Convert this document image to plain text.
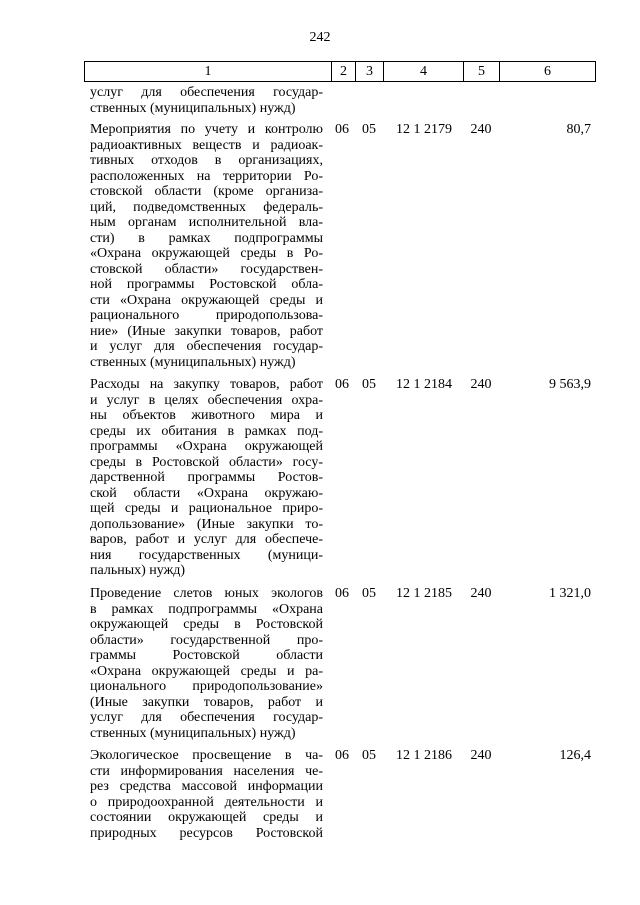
242
1	2	3	4	5	6
услуг для обеспечения государ-
ственных (муниципальных) нужд)
Мероприятия по учету и контролю
радиоактивных веществ и радиоак-
тивных отходов в организациях,
расположенных на территории Ро-
стовской области (кроме организа-
ций, подведомственных федераль-
ным органам исполнительной вла-
сти) в рамках подпрограммы
«Охрана окружающей среды в Ро-
стовской области» государствен-
ной программы Ростовской обла-
сти «Охрана окружающей среды и
рационального природопользова-
ние» (Иные закупки товаров, работ
и услуг для обеспечения государ-
ственных (муниципальных) нужд)
06 05	12 1 2179	240	80,7
Расходы на закупку товаров, работ
и услуг в целях обеспечения охра-
ны объектов животного мира и
среды их обитания в рамках под-
программы «Охрана окружающей
среды в Ростовской области» госу-
дарственной программы Ростов-
ской области «Охрана окружаю-
щей среды и рациональное приро-
допользование» (Иные закупки то-
варов, работ и услуг для обеспече-
ния государственных (муници-
пальных) нужд)
06 05	12 1 2184	240	9 563,9
Проведение слетов юных экологов
в рамках подпрограммы «Охрана
окружающей среды в Ростовской
области» государственной про-
граммы Ростовской области
«Охрана окружающей среды и ра-
ционального природопользование»
(Иные закупки товаров, работ и
услуг для обеспечения государ-
ственных (муниципальных) нужд)
06 05	12 1 2185	240	1 321,0
Экологическое просвещение в ча-
сти информирования населения че-
рез средства массовой информации
о природоохранной деятельности и
состоянии окружающей среды и
природных ресурсов Ростовской
06 05	12 1 2186	240	126,4
